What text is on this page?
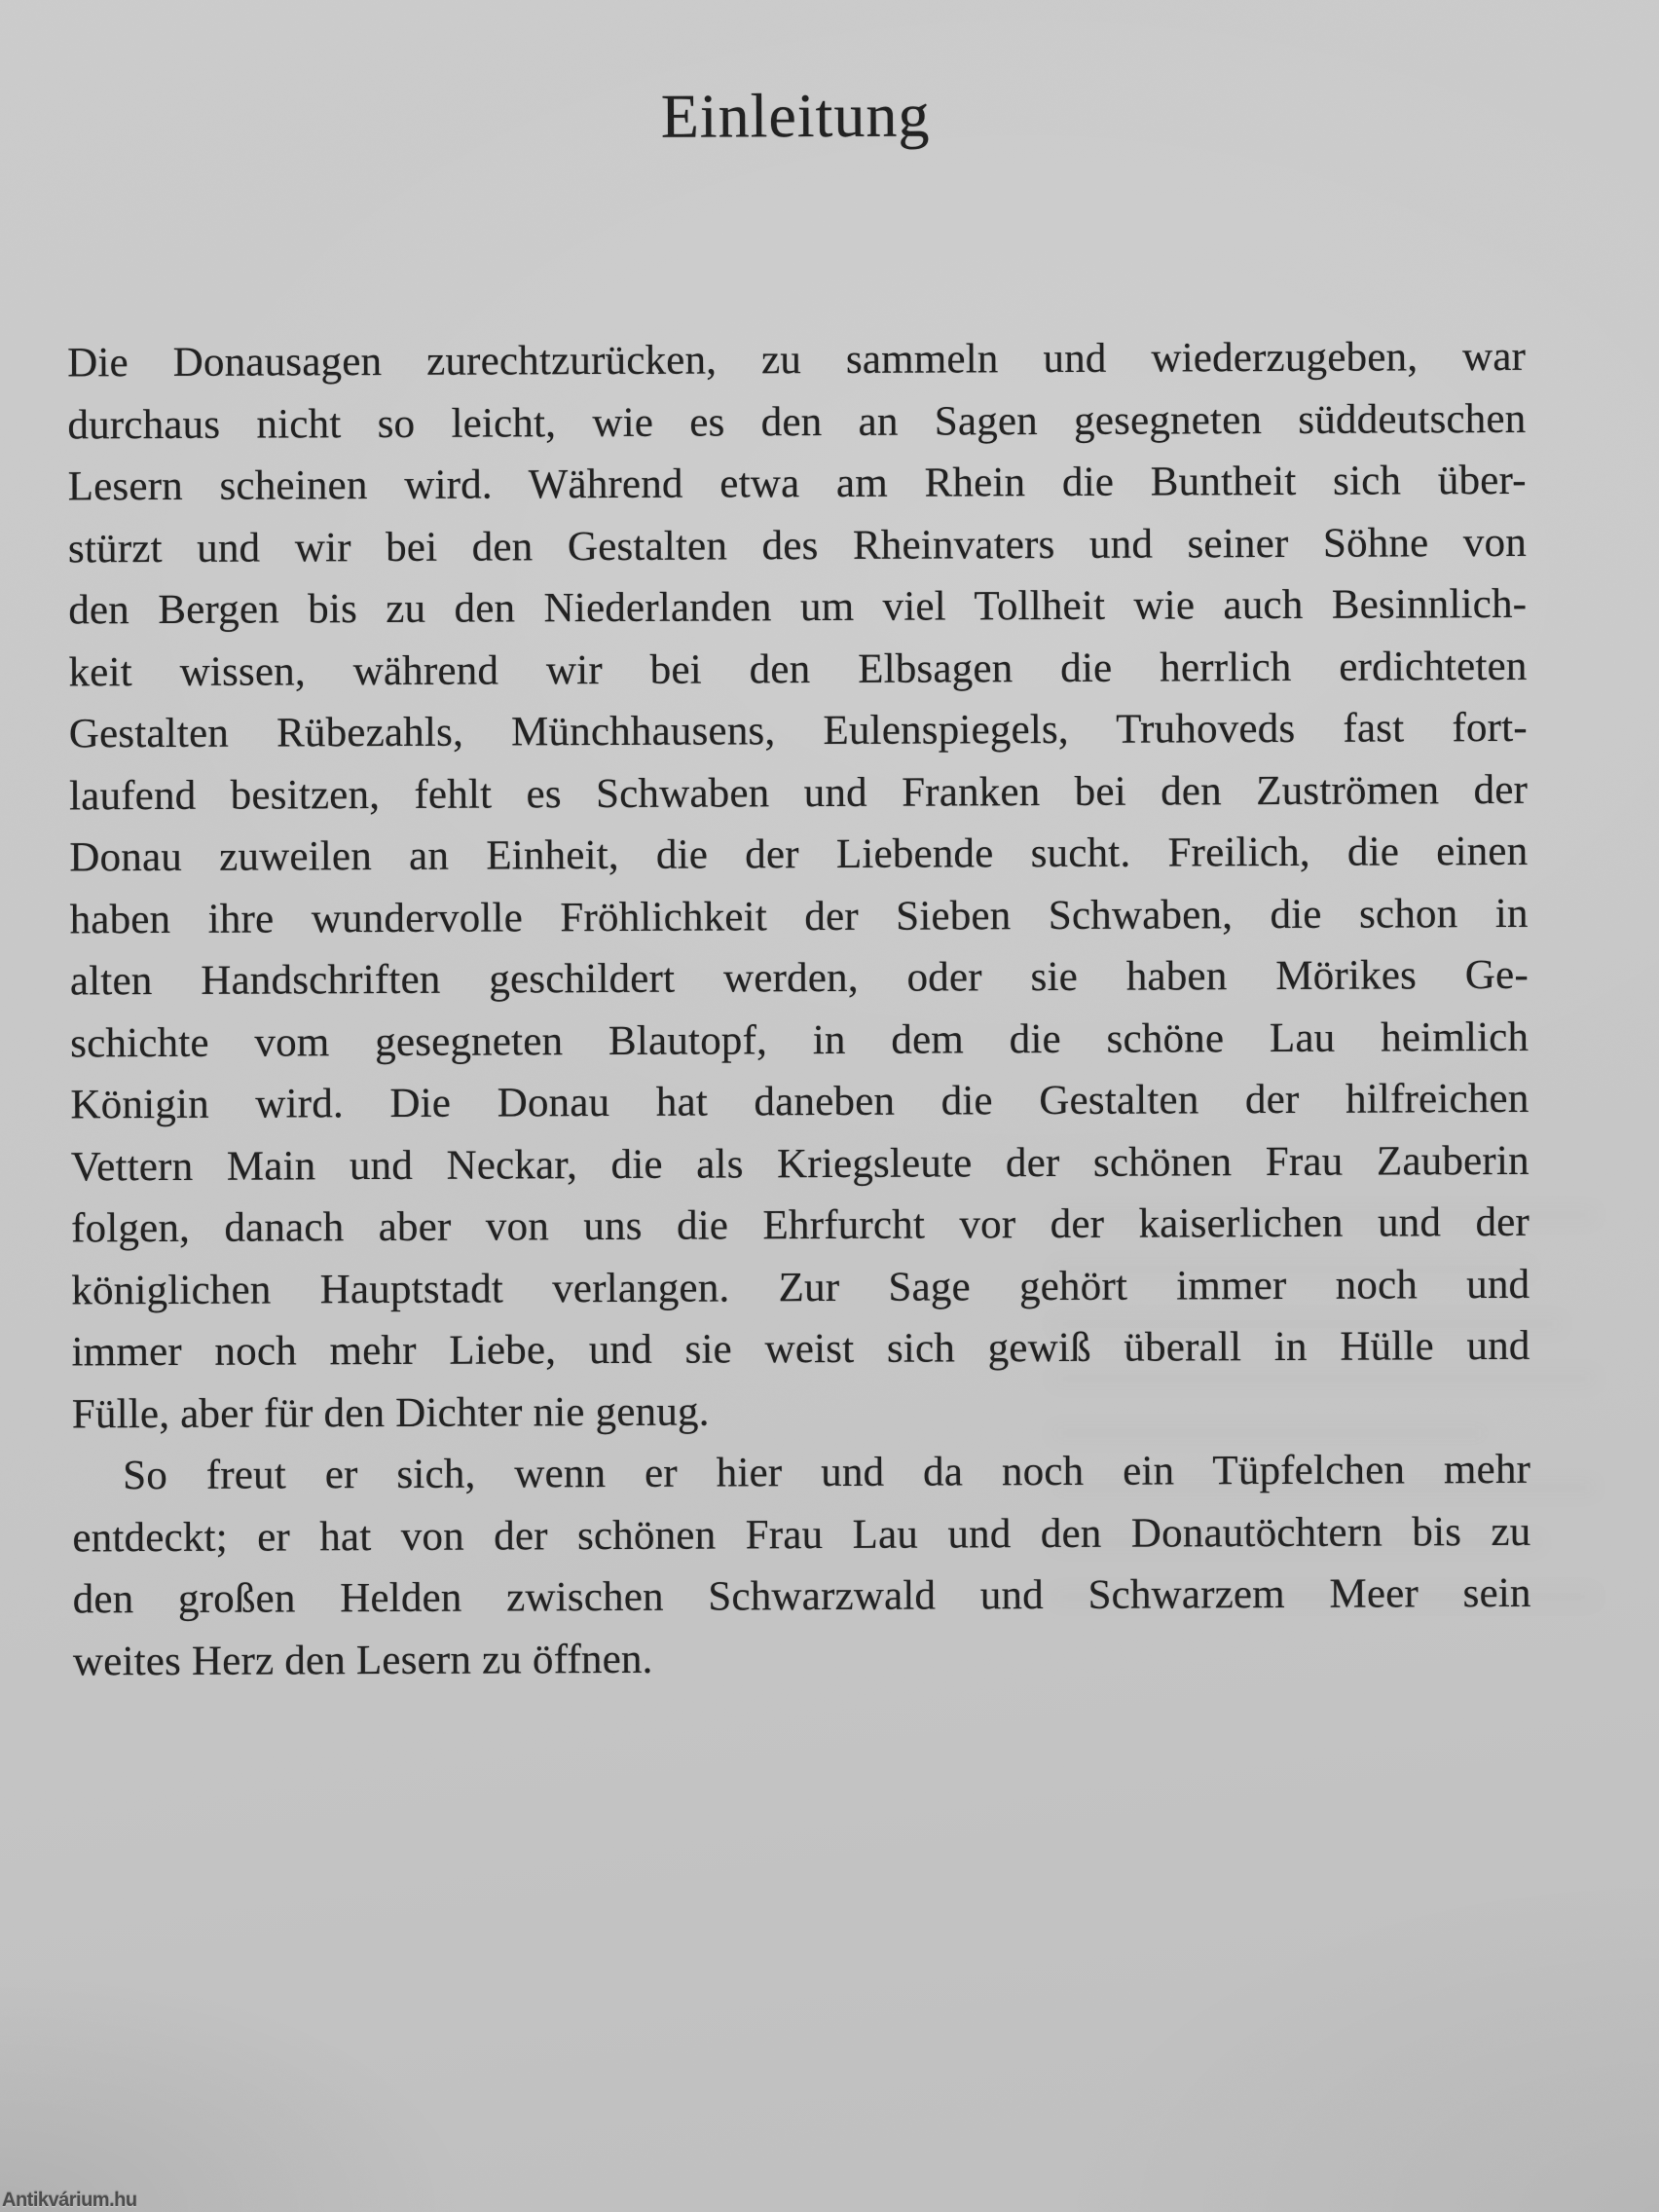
Einleitung
Die Donausagen zurechtzurücken, zu sammeln und wiederzugeben, war
durchaus nicht so leicht, wie es den an Sagen gesegneten süddeutschen
Lesern scheinen wird. Während etwa am Rhein die Buntheit sich über-
stürzt und wir bei den Gestalten des Rheinvaters und seiner Söhne von
den Bergen bis zu den Niederlanden um viel Tollheit wie auch Besinnlich-
keit wissen, während wir bei den Elbsagen die herrlich erdichteten
Gestalten Rübezahls, Münchhausens, Eulenspiegels, Truhoveds fast fort-
laufend besitzen, fehlt es Schwaben und Franken bei den Zuströmen der
Donau zuweilen an Einheit, die der Liebende sucht. Freilich, die einen
haben ihre wundervolle Fröhlichkeit der Sieben Schwaben, die schon in
alten Handschriften geschildert werden, oder sie haben Mörikes Ge-
schichte vom gesegneten Blautopf, in dem die schöne Lau heimlich
Königin wird. Die Donau hat daneben die Gestalten der hilfreichen
Vettern Main und Neckar, die als Kriegsleute der schönen Frau Zauberin
folgen, danach aber von uns die Ehrfurcht vor der kaiserlichen und der
königlichen Hauptstadt verlangen. Zur Sage gehört immer noch und
immer noch mehr Liebe, und sie weist sich gewiß überall in Hülle und
Fülle, aber für den Dichter nie genug.
So freut er sich, wenn er hier und da noch ein Tüpfelchen mehr
entdeckt; er hat von der schönen Frau Lau und den Donautöchtern bis zu
den großen Helden zwischen Schwarzwald und Schwarzem Meer sein
weites Herz den Lesern zu öffnen.
Antikvárium.hu
